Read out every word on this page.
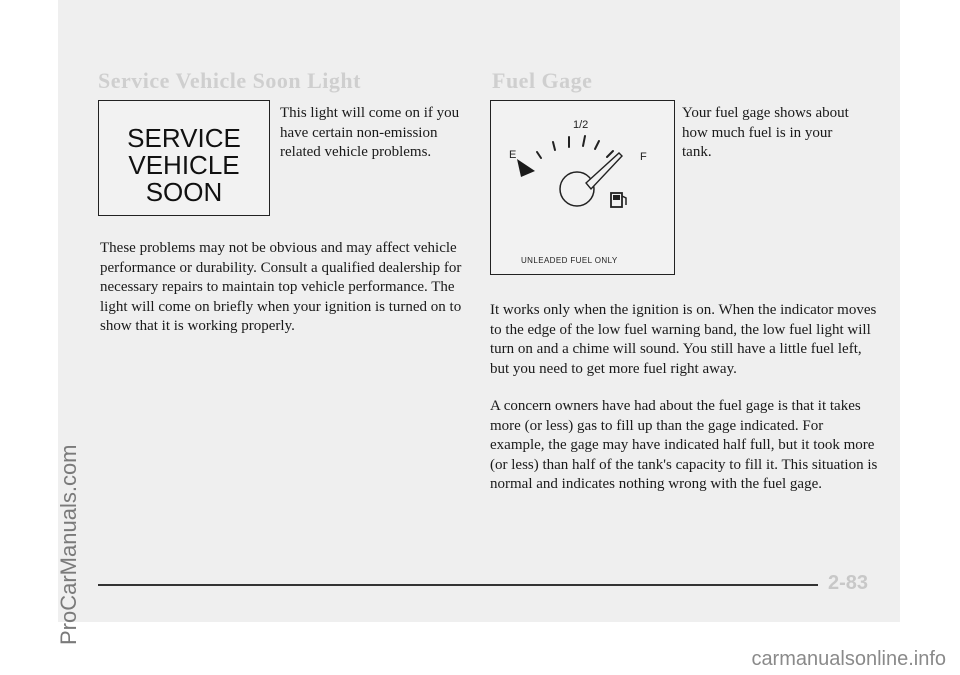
ProCarManuals.com
Service Vehicle Soon Light	Fuel Gage
SERVICE
VEHICLE
SOON
This light will come on if you have certain non-emission related vehicle problems.
These problems may not be obvious and may affect vehicle performance or durability. Consult a qualified dealership for necessary repairs to maintain top vehicle performance. The light will come on briefly when your ignition is turned on to show that it is working properly.
1/2
E	F
UNLEADED FUEL ONLY
Your fuel gage shows about how much fuel is in your tank.
It works only when the ignition is on. When the indicator moves to the edge of the low fuel warning band, the low fuel light will turn on and a chime will sound. You still have a little fuel left, but you need to get more fuel right away.
A concern owners have had about the fuel gage is that it takes more (or less) gas to fill up than the gage indicated. For example, the gage may have indicated half full, but it took more (or less) than half of the tank's capacity to fill it. This situation is normal and indicates nothing wrong with the fuel gage.
2-83
carmanualsonline.info
